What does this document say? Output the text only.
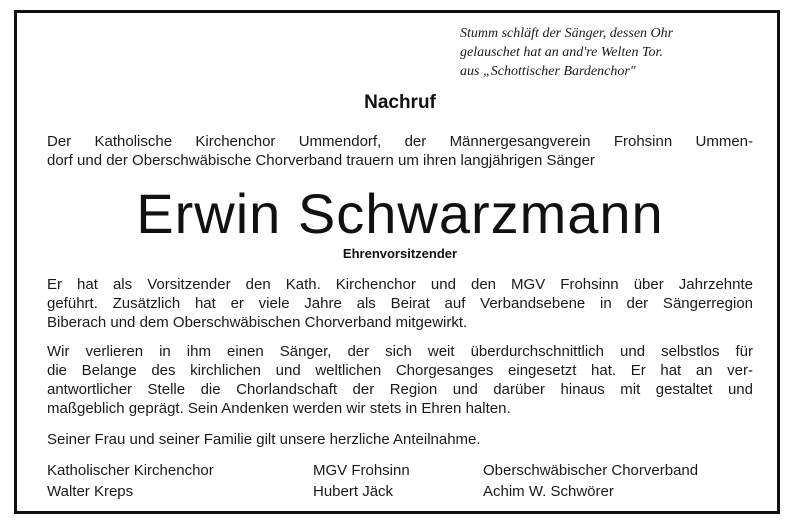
Stumm schläft der Sänger, dessen Ohr
gelauschet hat an and're Welten Tor.
aus „Schottischer Bardenchor"
Nachruf
Der Katholische Kirchenchor Ummendorf, der Männergesangverein Frohsinn Ummen-
dorf und der Oberschwäbische Chorverband trauern um ihren langjährigen Sänger
Erwin Schwarzmann
Ehrenvorsitzender
Er hat als Vorsitzender den Kath. Kirchenchor und den MGV Frohsinn über Jahrzehnte
geführt. Zusätzlich hat er viele Jahre als Beirat auf Verbandsebene in der Sängerregion
Biberach und dem Oberschwäbischen Chorverband mitgewirkt.
Wir verlieren in ihm einen Sänger, der sich weit überdurchschnittlich und selbstlos für
die Belange des kirchlichen und weltlichen Chorgesanges eingesetzt hat. Er hat an ver-
antwortlicher Stelle die Chorlandschaft der Region und darüber hinaus mit gestaltet und
maßgeblich geprägt. Sein Andenken werden wir stets in Ehren halten.
Seiner Frau und seiner Familie gilt unsere herzliche Anteilnahme.
Katholischer Kirchenchor
Walter Kreps
MGV Frohsinn
Hubert Jäck
Oberschwäbischer Chorverband
Achim W. Schwörer
